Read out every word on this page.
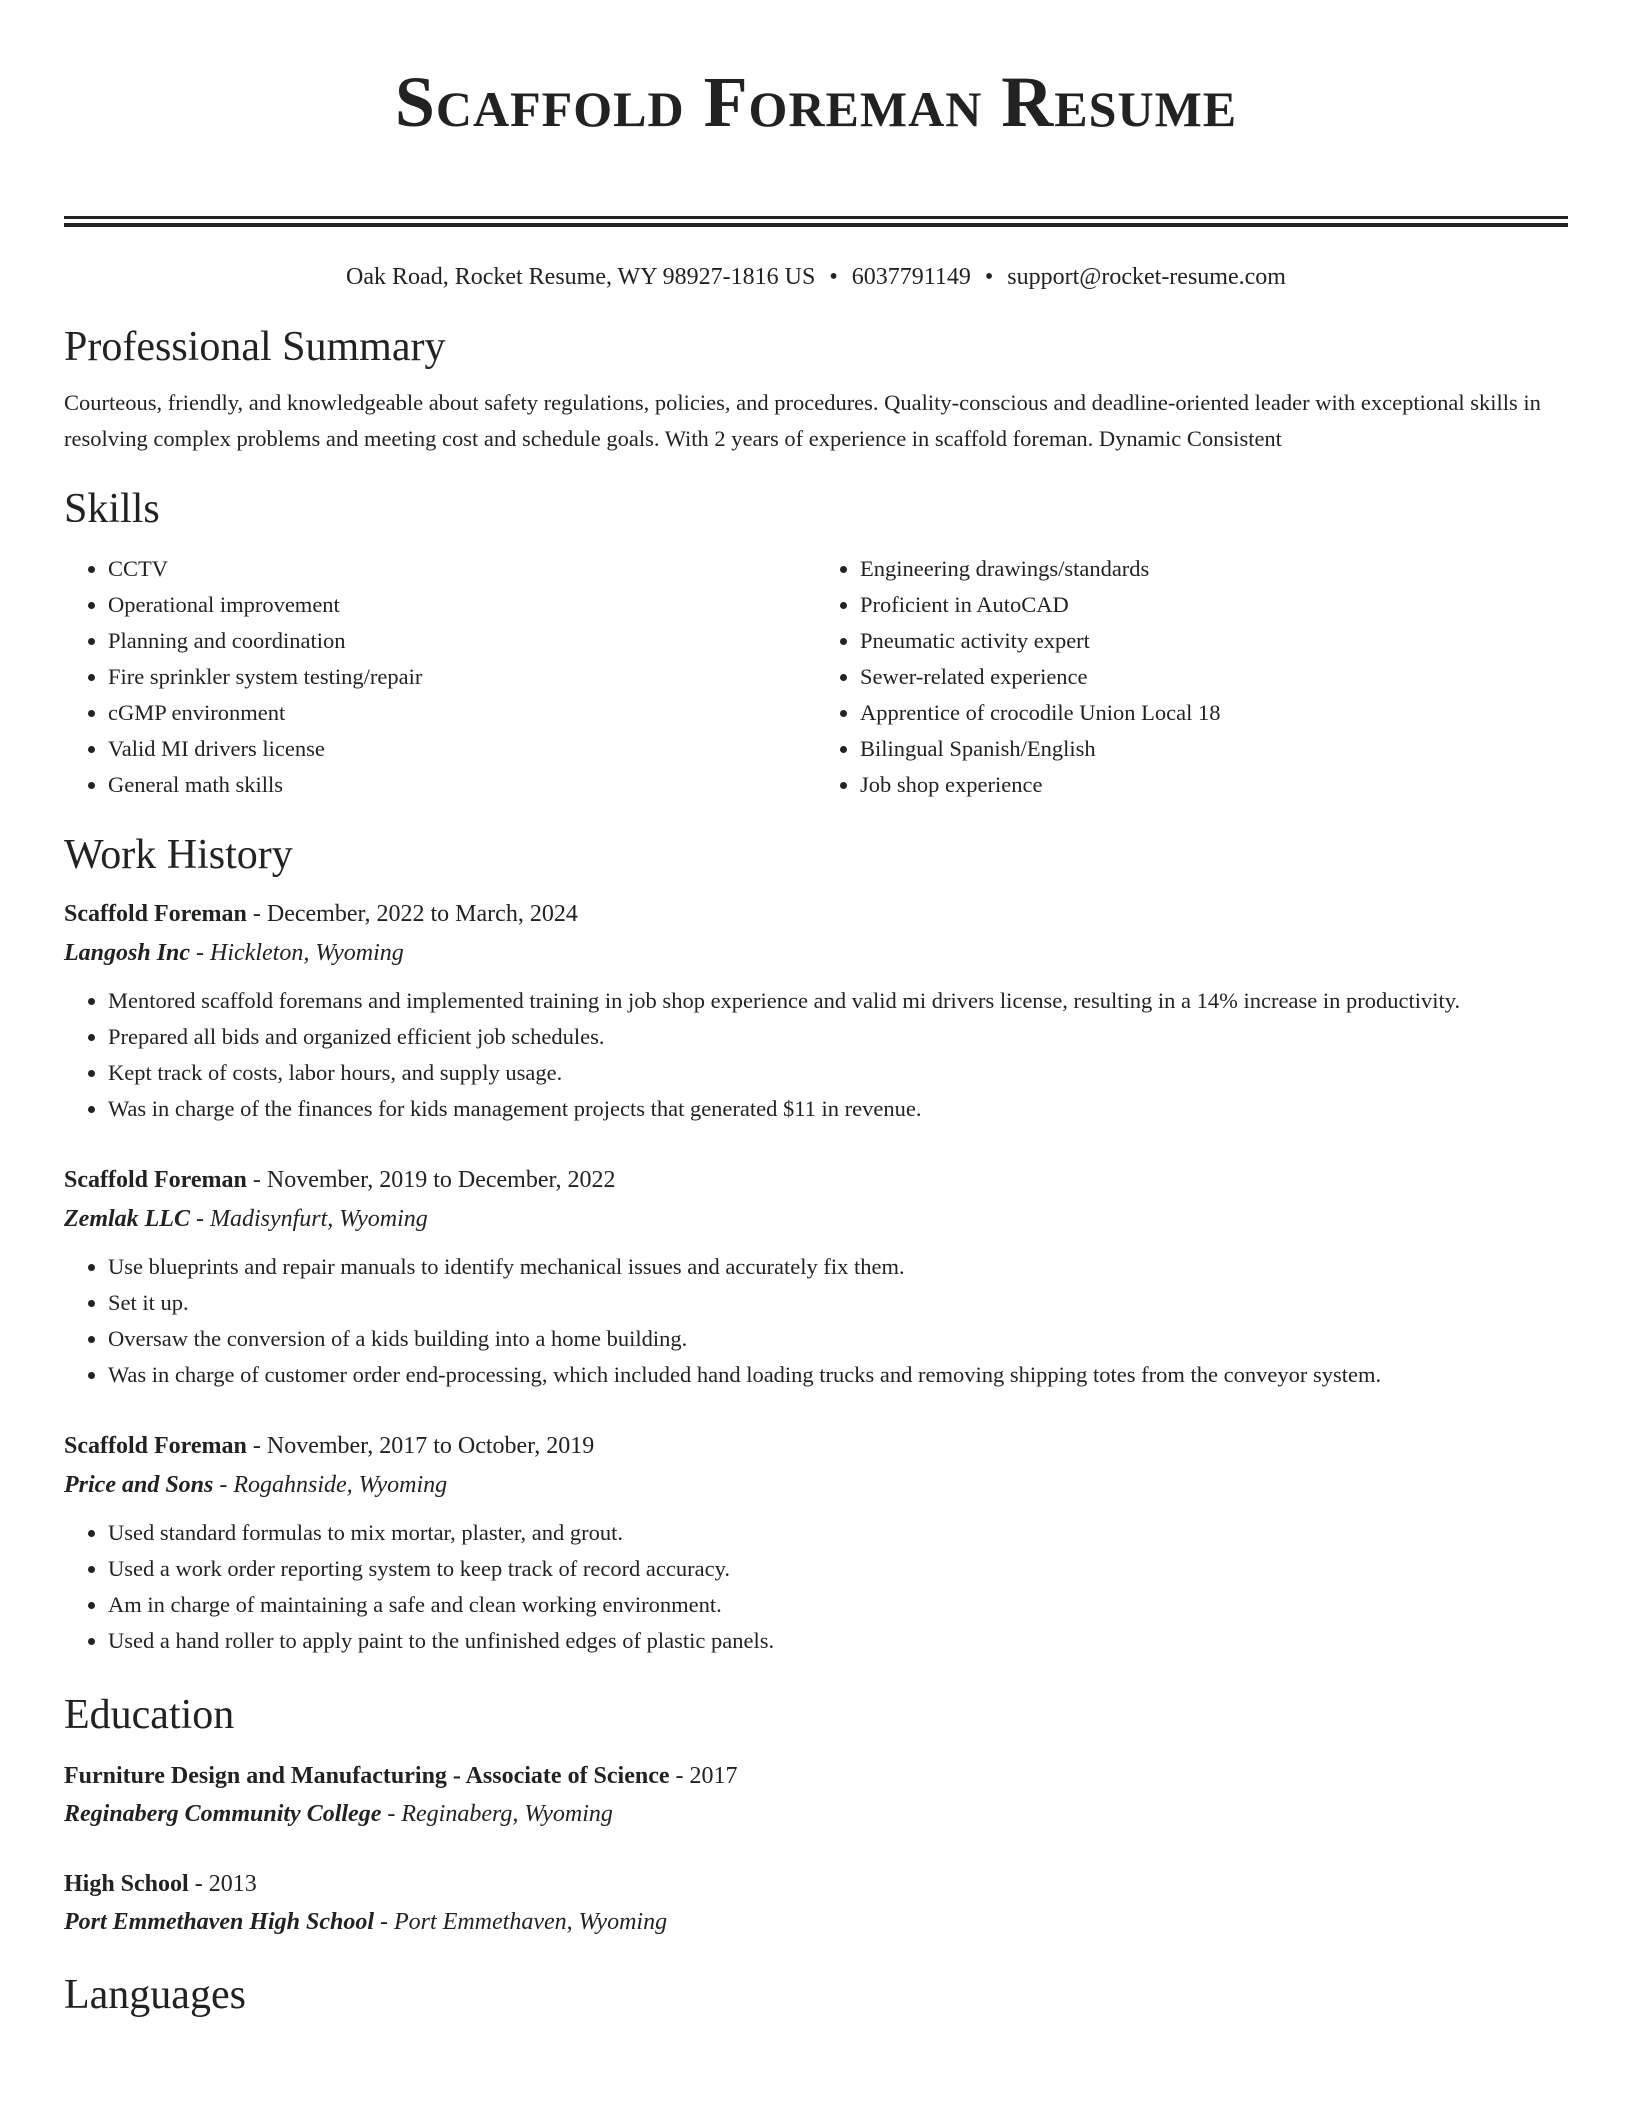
Scaffold Foreman Resume
Oak Road, Rocket Resume, WY 98927-1816 US • 6037791149 • support@rocket-resume.com
Professional Summary

Courteous, friendly, and knowledgeable about safety regulations, policies, and procedures. Quality-conscious and deadline-oriented leader with exceptional skills in resolving complex problems and meeting cost and schedule goals. With 2 years of experience in scaffold foreman. Dynamic Consistent

Skills
• CCTV
• Operational improvement
• Planning and coordination
• Fire sprinkler system testing/repair
• cGMP environment
• Valid MI drivers license
• General math skills
• Engineering drawings/standards
• Proficient in AutoCAD
• Pneumatic activity expert
• Sewer-related experience
• Apprentice of crocodile Union Local 18
• Bilingual Spanish/English
• Job shop experience
Work History
Scaffold Foreman - December, 2022 to March, 2024
Langosh Inc - Hickleton, Wyoming
• Mentored scaffold foremans and implemented training in job shop experience and valid mi drivers license, resulting in a 14% increase in productivity.
• Prepared all bids and organized efficient job schedules.
• Kept track of costs, labor hours, and supply usage.
• Was in charge of the finances for kids management projects that generated $11 in revenue.
Scaffold Foreman - November, 2019 to December, 2022
Zemlak LLC - Madisynfurt, Wyoming
• Use blueprints and repair manuals to identify mechanical issues and accurately fix them.
• Set it up.
• Oversaw the conversion of a kids building into a home building.
• Was in charge of customer order end-processing, which included hand loading trucks and removing shipping totes from the conveyor system.
Scaffold Foreman - November, 2017 to October, 2019
Price and Sons - Rogahnside, Wyoming
• Used standard formulas to mix mortar, plaster, and grout.
• Used a work order reporting system to keep track of record accuracy.
• Am in charge of maintaining a safe and clean working environment.
• Used a hand roller to apply paint to the unfinished edges of plastic panels.
Education
Furniture Design and Manufacturing - Associate of Science - 2017
Reginaberg Community College - Reginaberg, Wyoming
High School - 2013
Port Emmethaven High School - Port Emmethaven, Wyoming
Languages
